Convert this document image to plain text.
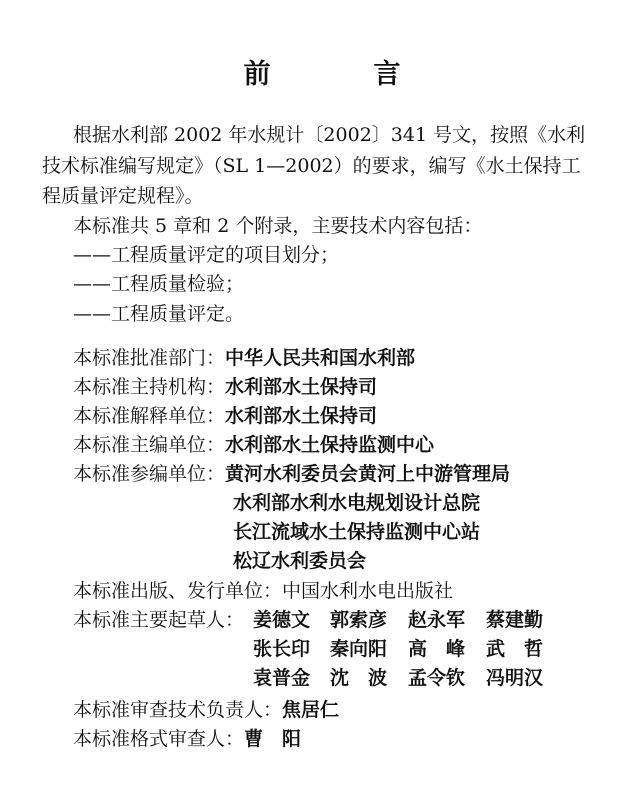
前　言
根据水利部 2002 年水规计〔2002〕341 号文，按照《水利
技术标准编写规定》（SL 1—2002）的要求，编写《水土保持工
程质量评定规程》。
本标准共 5 章和 2 个附录，主要技术内容包括：
——工程质量评定的项目划分；
——工程质量检验；
——工程质量评定。
本标准批准部门：中华人民共和国水利部
本标准主持机构：水利部水土保持司
本标准解释单位：水利部水土保持司
本标准主编单位：水利部水土保持监测中心
本标准参编单位：黄河水利委员会黄河上中游管理局
水利部水利水电规划设计总院
长江流域水土保持监测中心站
松辽水利委员会
本标准出版、发行单位：中国水利水电出版社
本标准主要起草人： 姜德文 郭索彦 赵永军 蔡建勤
张长印 秦向阳 高　峰 武　哲
袁普金 沈　波 孟令钦 冯明汉
本标准审查技术负责人：焦居仁
本标准格式审查人：曹　阳
